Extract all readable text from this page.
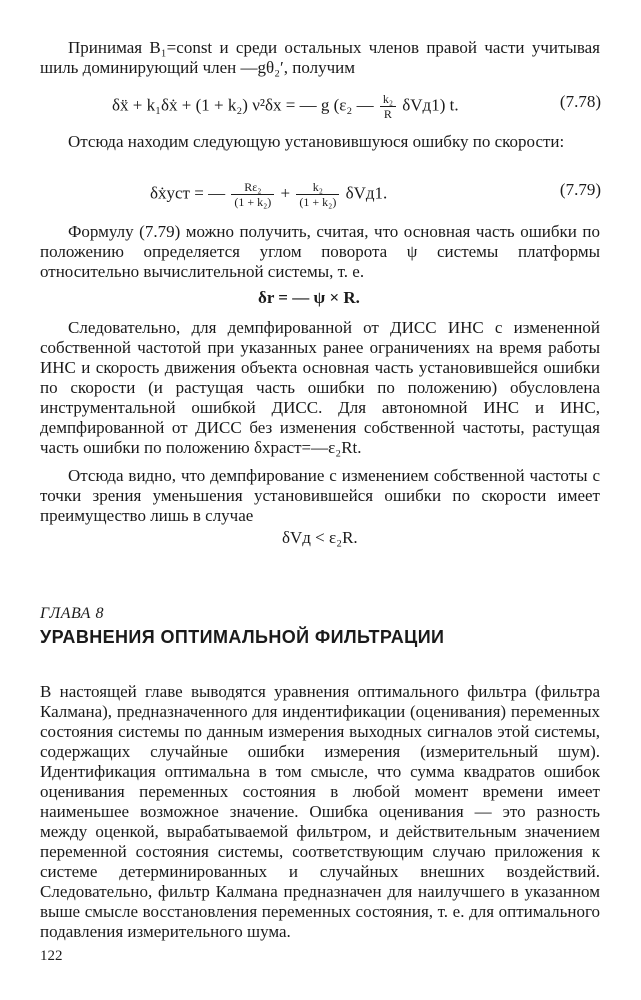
Принимая B₁=const и среди остальных членов правой части учитывая шиль доминирующий член —gθ₂′, получим

δẍ + k₁δẋ + (1 + k₂) ν²δx = — g (ε₂ — $\frac{\text{k₂}}{R} \delta Vд1$) t.	(7.78)

Отсюда находим следующую установившуюся ошибку по скорости:

δẋуст = — $\frac{\text{Rε₂}}{\text{(1 + k₂)}} + \frac{\text{k₂}}{\text{(1 + k₂)}} \delta Vд1$.	(7.79)

Формулу (7.79) можно получить, считая, что основная часть ошибки по положению определяется углом поворота ψ системы платформы относительно вычислительной системы, т. е.

δr = — ψ × R.

Следовательно, для демпфированной от ДИСС ИНС с измененной собственной частотой при указанных ранее ограничениях на время работы ИНС и скорость движения объекта основная часть установившейся ошибки по скорости (и растущая часть ошибки по положению) обусловлена инструментальной ошибкой ДИСС. Для автономной ИНС и ИНС, демпфированной от ДИСС без изменения собственной частоты, растущая часть ошибки по положению δxраст=—ε₂Rt.

Отсюда видно, что демпфирование с изменением собственной частоты с точки зрения уменьшения установившейся ошибки по скорости имеет преимущество лишь в случае

δVд < ε₂R.
ГЛАВА 8
УРАВНЕНИЯ ОПТИМАЛЬНОЙ ФИЛЬТРАЦИИ

В настоящей главе выводятся уравнения оптимального фильтра (фильтра Калмана), предназначенного для индентификации (оценивания) переменных состояния системы по данным измерения выходных сигналов этой системы, содержащих случайные ошибки измерения (измерительный шум). Идентификация оптимальна в том смысле, что сумма квадратов ошибок оценивания переменных состояния в любой момент времени имеет наименьшее возможное значение. Ошибка оценивания — это разность между оценкой, вырабатываемой фильтром, и действительным значением переменной состояния системы, соответствующим случаю приложения к системе детерминированных и случайных внешних воздействий. Следовательно, фильтр Калмана предназначен для наилучшего в указанном выше смысле восстановления переменных состояния, т. е. для оптимального подавления измерительного шума.

122
